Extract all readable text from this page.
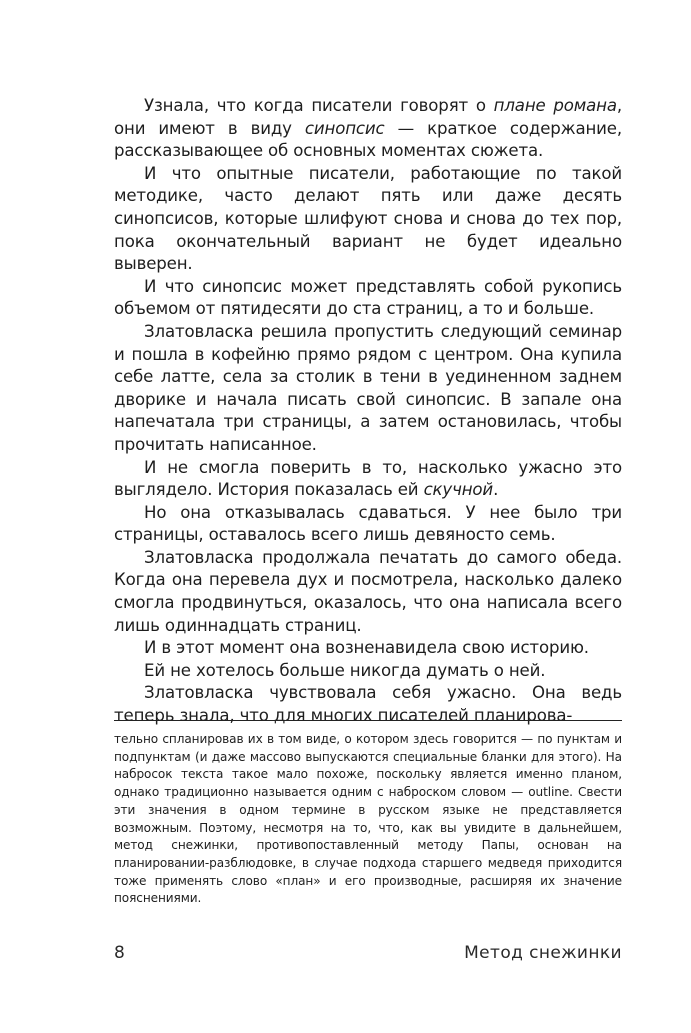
Узнала, что когда писатели говорят о плане романа, они имеют в виду синопсис — краткое содержание, рассказывающее об основных моментах сюжета.

И что опытные писатели, работающие по такой методике, часто делают пять или даже десять синопсисов, которые шлифуют снова и снова до тех пор, пока окончательный вариант не будет идеально выверен.

И что синопсис может представлять собой рукопись объемом от пятидесяти до ста страниц, а то и больше.

Златовласка решила пропустить следующий семинар и пошла в кофейню прямо рядом с центром. Она купила себе латте, села за столик в тени в уединенном заднем дворике и начала писать свой синопсис. В запале она напечатала три страницы, а затем остановилась, чтобы прочитать написанное.

И не смогла поверить в то, насколько ужасно это выглядело. История показалась ей скучной.

Но она отказывалась сдаваться. У нее было три страницы, оставалось всего лишь девяносто семь.

Златовласка продолжала печатать до самого обеда. Когда она перевела дух и посмотрела, насколько далеко смогла продвинуться, оказалось, что она написала всего лишь одиннадцать страниц.

И в этот момент она возненавидела свою историю.

Ей не хотелось больше никогда думать о ней.

Златовласка чувствовала себя ужасно. Она ведь теперь знала, что для многих писателей планирова-

тельно спланировав их в том виде, о котором здесь говорится — по пунктам и подпунктам (и даже массово выпускаются специальные бланки для этого). На набросок текста такое мало похоже, поскольку является именно планом, однако традиционно называется одним с наброском словом — outline. Свести эти значения в одном термине в русском языке не представляется возможным. Поэтому, несмотря на то, что, как вы увидите в дальнейшем, метод снежинки, противопоставленный методу Папы, основан на планировании-разблюдовке, в случае подхода старшего медведя приходится тоже применять слово «план» и его производные, расширяя их значение пояснениями.

8	Метод снежинки
